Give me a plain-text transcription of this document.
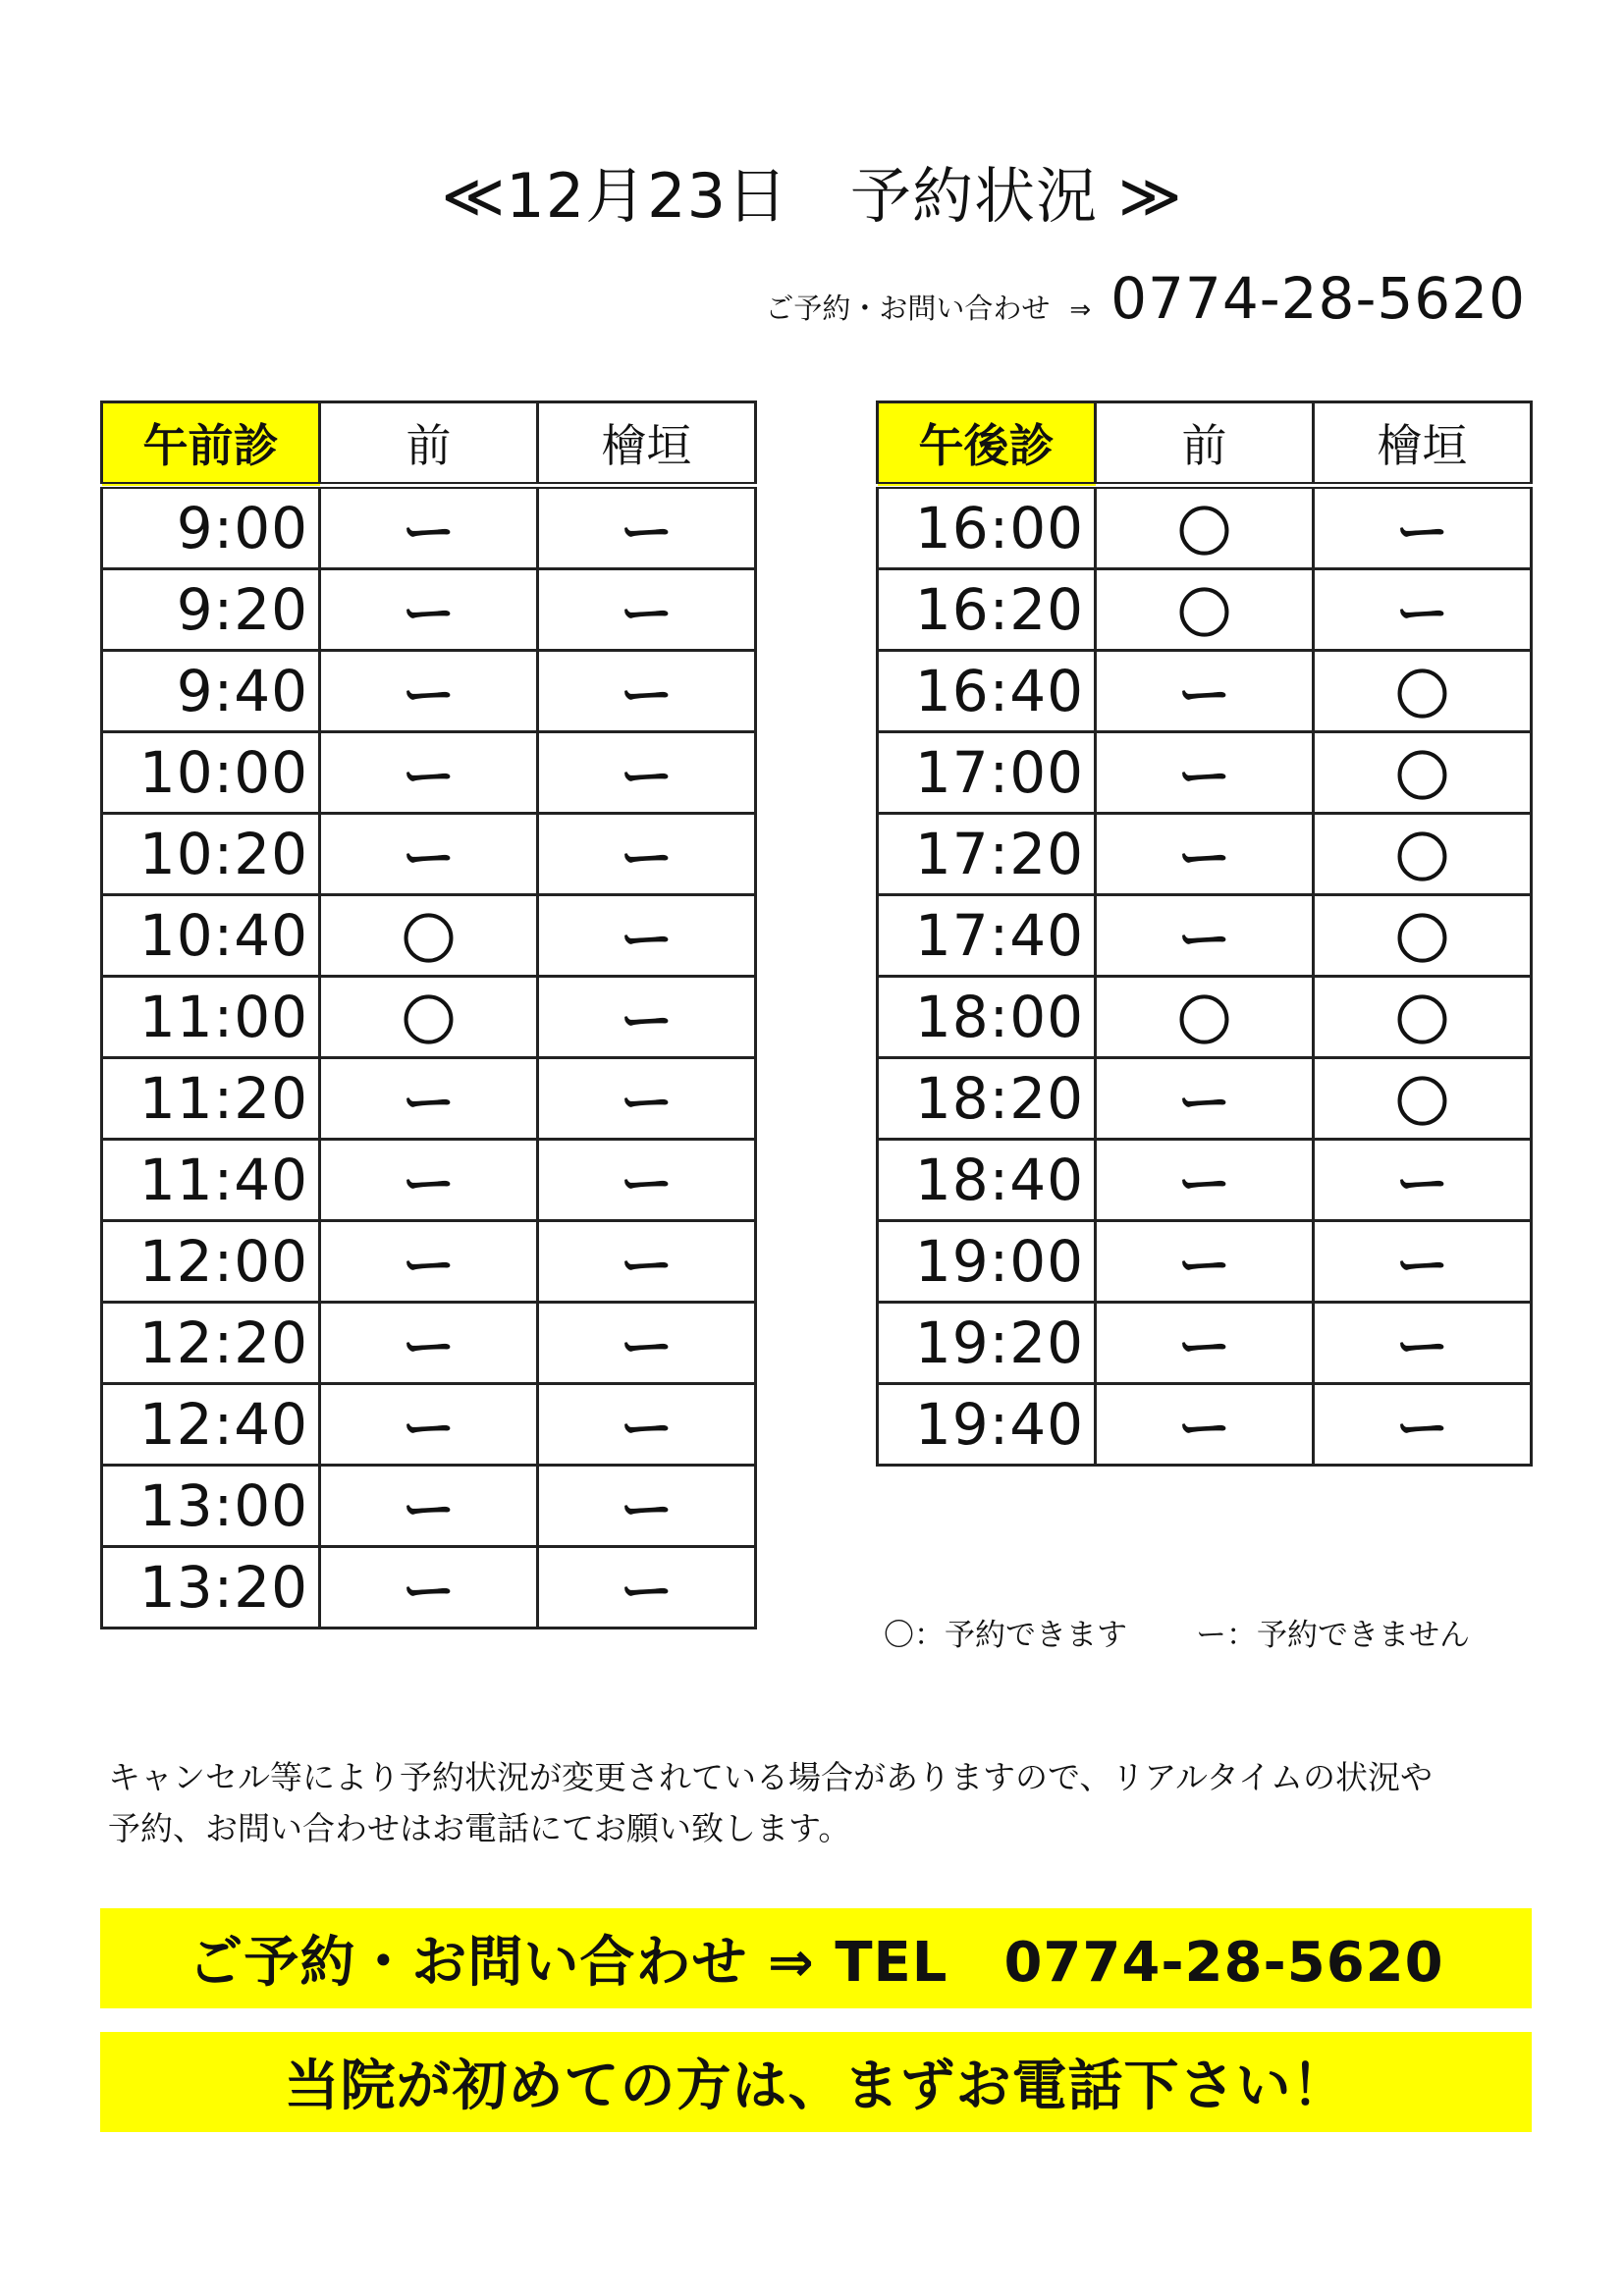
≪12月23日　予約状況 ≫
ご予約・お問い合わせ ⇒ 0774-28-5620
午前診	前	檜垣
9:00	ー	ー
9:20	ー	ー
9:40	ー	ー
10:00	ー	ー
10:20	ー	ー
10:40	〇	ー
11:00	〇	ー
11:20	ー	ー
11:40	ー	ー
12:00	ー	ー
12:20	ー	ー
12:40	ー	ー
13:00	ー	ー
13:20	ー	ー
午後診	前	檜垣
16:00	〇	ー
16:20	〇	ー
16:40	ー	〇
17:00	ー	〇
17:20	ー	〇
17:40	ー	〇
18:00	〇	〇
18:20	ー	〇
18:40	ー	ー
19:00	ー	ー
19:20	ー	ー
19:40	ー	ー
〇：予約できます ー：予約できません
キャンセル等により予約状況が変更されている場合がありますので、リアルタイムの状況や
予約、お問い合わせはお電話にてお願い致します。
ご予約・お問い合わせ ⇒ TEL　0774-28-5620
当院が初めての方は、まずお電話下さい！
